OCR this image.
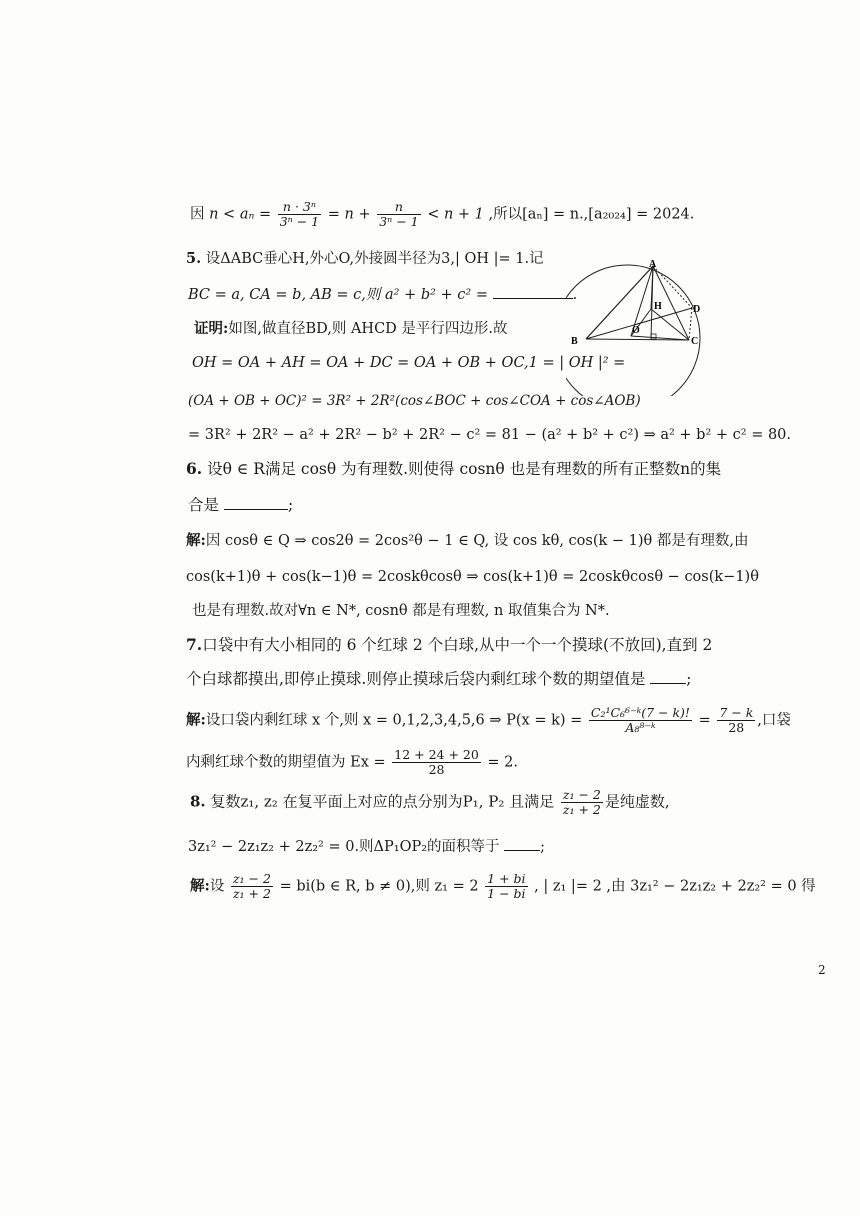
因 $n < a_n = \frac{\text{n · 3ⁿ}}{\text{3ⁿ − 1}} = n + \frac{n}{\text{3ⁿ − 1}} < n + 1$ ,所以[aₙ] = n.,[a₂₀₂₄] = 2024.
5. 设ΔABC垂心H,外心O,外接圆半径为3,| OH |= 1.记
BC = a, CA = b, AB = c,则 a² + b² + c² =	.
证明:如图,做直径BD,则 AHCD 是平行四边形.故
OH = OA + AH = OA + DC = OA + OB + OC,1 = | OH |² =
(OA + OB + OC)² = 3R² + 2R²(cos∠BOC + cos∠COA + cos∠AOB)
= 3R² + 2R² − a² + 2R² − b² + 2R² − c² = 81 − (a² + b² + c²) ⇒ a² + b² + c² = 80.
A
H	D
O
B	C
6. 设θ ∈ R满足 cosθ 为有理数.则使得 cosnθ 也是有理数的所有正整数n的集
合是	;
解:因 cosθ ∈ Q ⇒ cos2θ = 2cos²θ − 1 ∈ Q, 设 cos kθ, cos(k − 1)θ 都是有理数,由
cos(k+1)θ + cos(k−1)θ = 2coskθcosθ ⇒ cos(k+1)θ = 2coskθcosθ − cos(k−1)θ
也是有理数.故对∀n ∈ N*, cosnθ 都是有理数, n 取值集合为 N*.
7.口袋中有大小相同的 6 个红球 2 个白球,从中一个一个摸球(不放回),直到 2
个白球都摸出,即停止摸球.则停止摸球后袋内剩红球个数的期望值是	;
解:设口袋内剩红球 x 个,则 x = 0,1,2,3,4,5,6 ⇒ $P(x = k) = \frac{\text{C₂¹C₆⁶⁻ᵏ(7 − k)!}}{\text{A₈⁸⁻ᵏ}} = \frac{7 - k}{28}$ ,口袋
内剩红球个数的期望值为 $Ex = \frac{12 + 24 + 20}{28} = 2$.
8. 复数z₁, z₂ 在复平面上对应的点分别为P₁, P₂ 且满足 $\frac{\text{z₁ − 2}}{\text{z₁ + 2}}$ 是纯虚数,
3z₁² − 2z₁z₂ + 2z₂² = 0.则ΔP₁OP₂的面积等于	;
解:设 $\frac{\text{z₁ − 2}}{\text{z₁ + 2}} = bi(b$ ∈ R, b ≠ 0),则 $z_1 = 2 \frac{1 + bi}{1 - bi}$ , | z₁ |= 2 ,由 3z₁² − 2z₁z₂ + 2z₂² = 0 得
2
